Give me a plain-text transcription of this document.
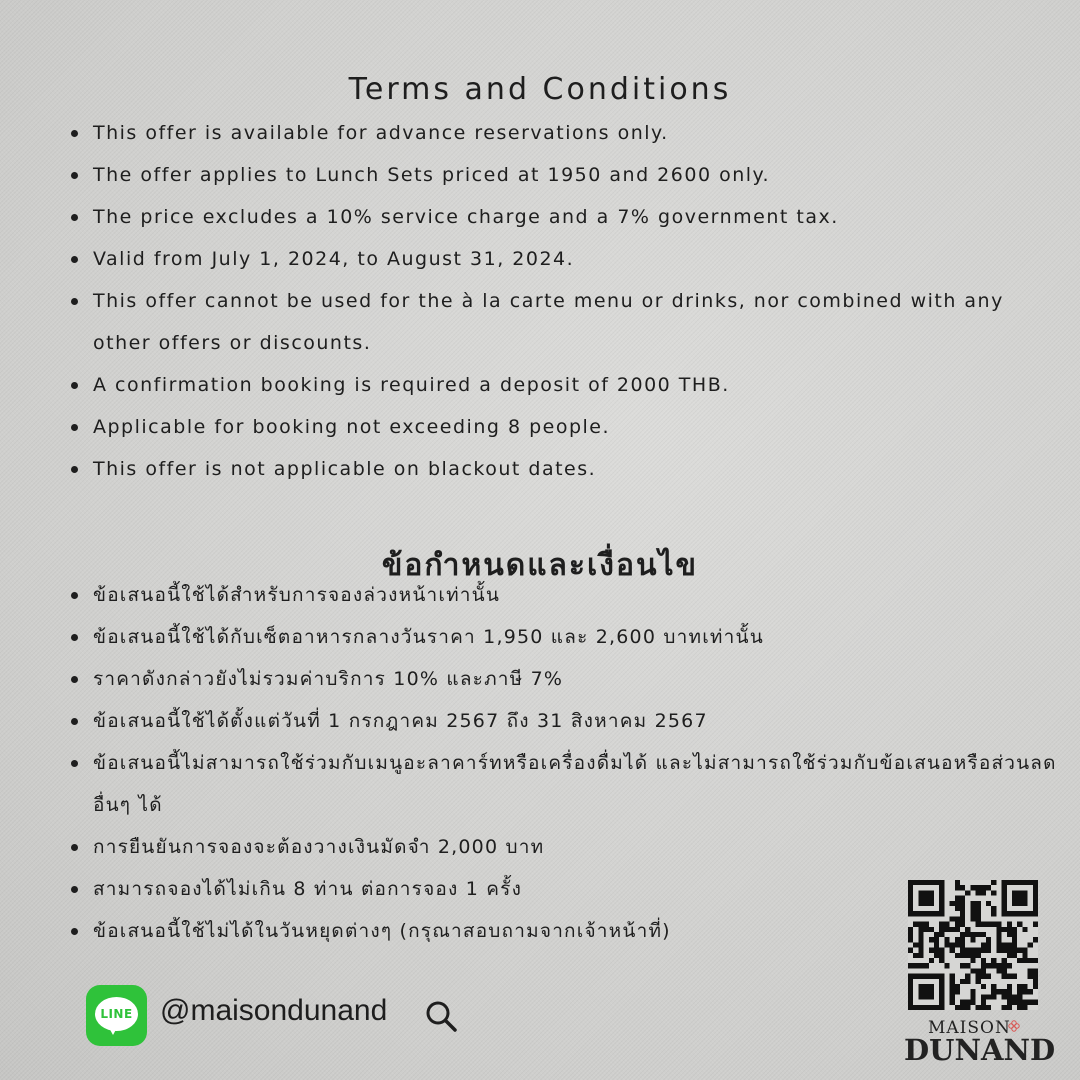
Terms and Conditions
This offer is available for advance reservations only.
The offer applies to Lunch Sets priced at 1950 and 2600 only.
The price excludes a 10% service charge and a 7% government tax.
Valid from July 1, 2024, to August 31, 2024.
This offer cannot be used for the à la carte menu or drinks, nor combined with any other offers or discounts.
A confirmation booking is required a deposit of 2000 THB.
Applicable for booking not exceeding 8 people.
This offer is not applicable on blackout dates.
ข้อกำหนดและเงื่อนไข
ข้อเสนอนี้ใช้ได้สำหรับการจองล่วงหน้าเท่านั้น
ข้อเสนอนี้ใช้ได้กับเซ็ตอาหารกลางวันราคา 1,950 และ 2,600 บาทเท่านั้น
ราคาดังกล่าวยังไม่รวมค่าบริการ 10% และภาษี 7%
ข้อเสนอนี้ใช้ได้ตั้งแต่วันที่ 1 กรกฎาคม 2567 ถึง 31 สิงหาคม 2567
ข้อเสนอนี้ไม่สามารถใช้ร่วมกับเมนูอะลาคาร์ทหรือเครื่องดื่มได้ และไม่สามารถใช้ร่วมกับข้อเสนอหรือส่วนลดอื่นๆ ได้
การยืนยันการจองจะต้องวางเงินมัดจำ 2,000 บาท
สามารถจองได้ไม่เกิน 8 ท่าน ต่อการจอง 1 ครั้ง
ข้อเสนอนี้ใช้ไม่ได้ในวันหยุดต่างๆ (กรุณาสอบถามจากเจ้าหน้าที่)
LINE @maisondunand
MAISON
DUNAND
